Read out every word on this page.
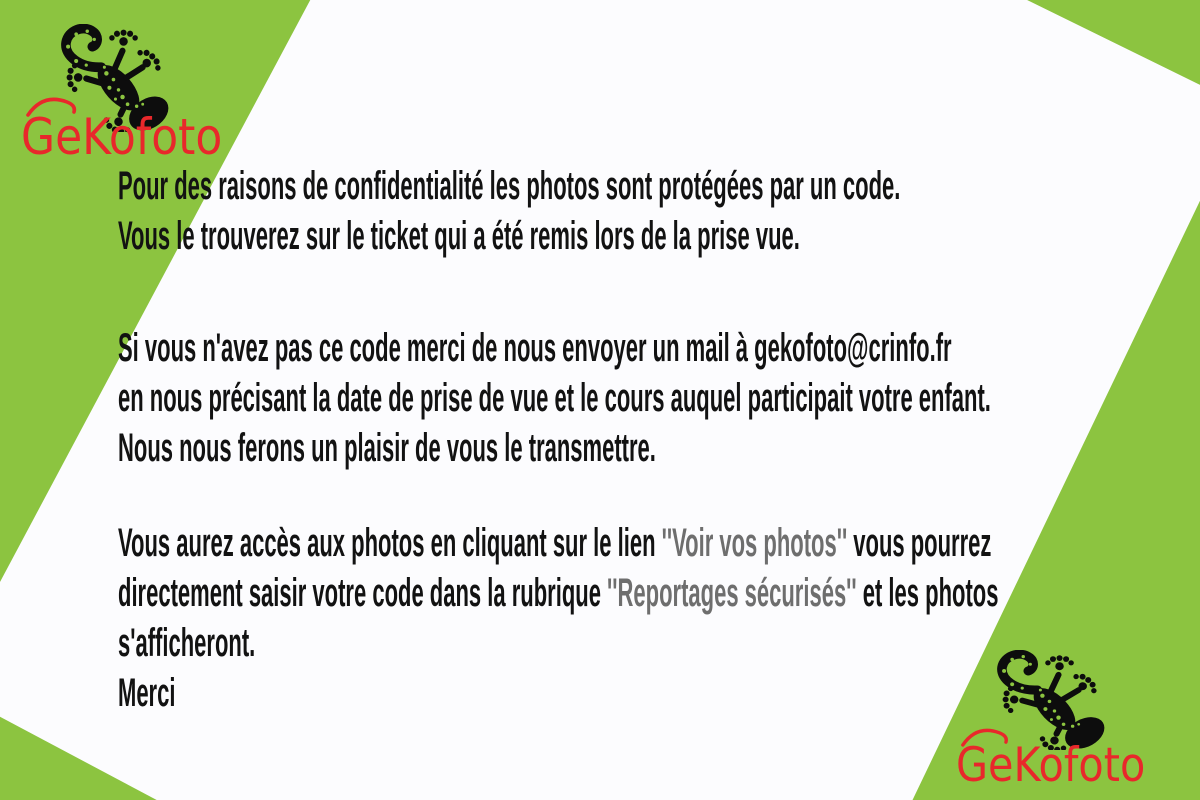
GeKofoto
Pour des raisons de confidentialité les photos sont protégées par un code.
Vous le trouverez sur le ticket qui a été remis lors de la prise vue.
Si vous n'avez pas ce code merci de nous envoyer un mail à gekofoto@crinfo.fr
en nous précisant la date de prise de vue et le cours auquel participait votre enfant.
Nous nous ferons un plaisir de vous le transmettre.
Vous aurez accès aux photos en cliquant sur le lien ''Voir vos photos'' vous pourrez
directement saisir votre code dans la rubrique ''Reportages sécurisés'' et les photos
s'afficheront.
Merci
GeKofoto
